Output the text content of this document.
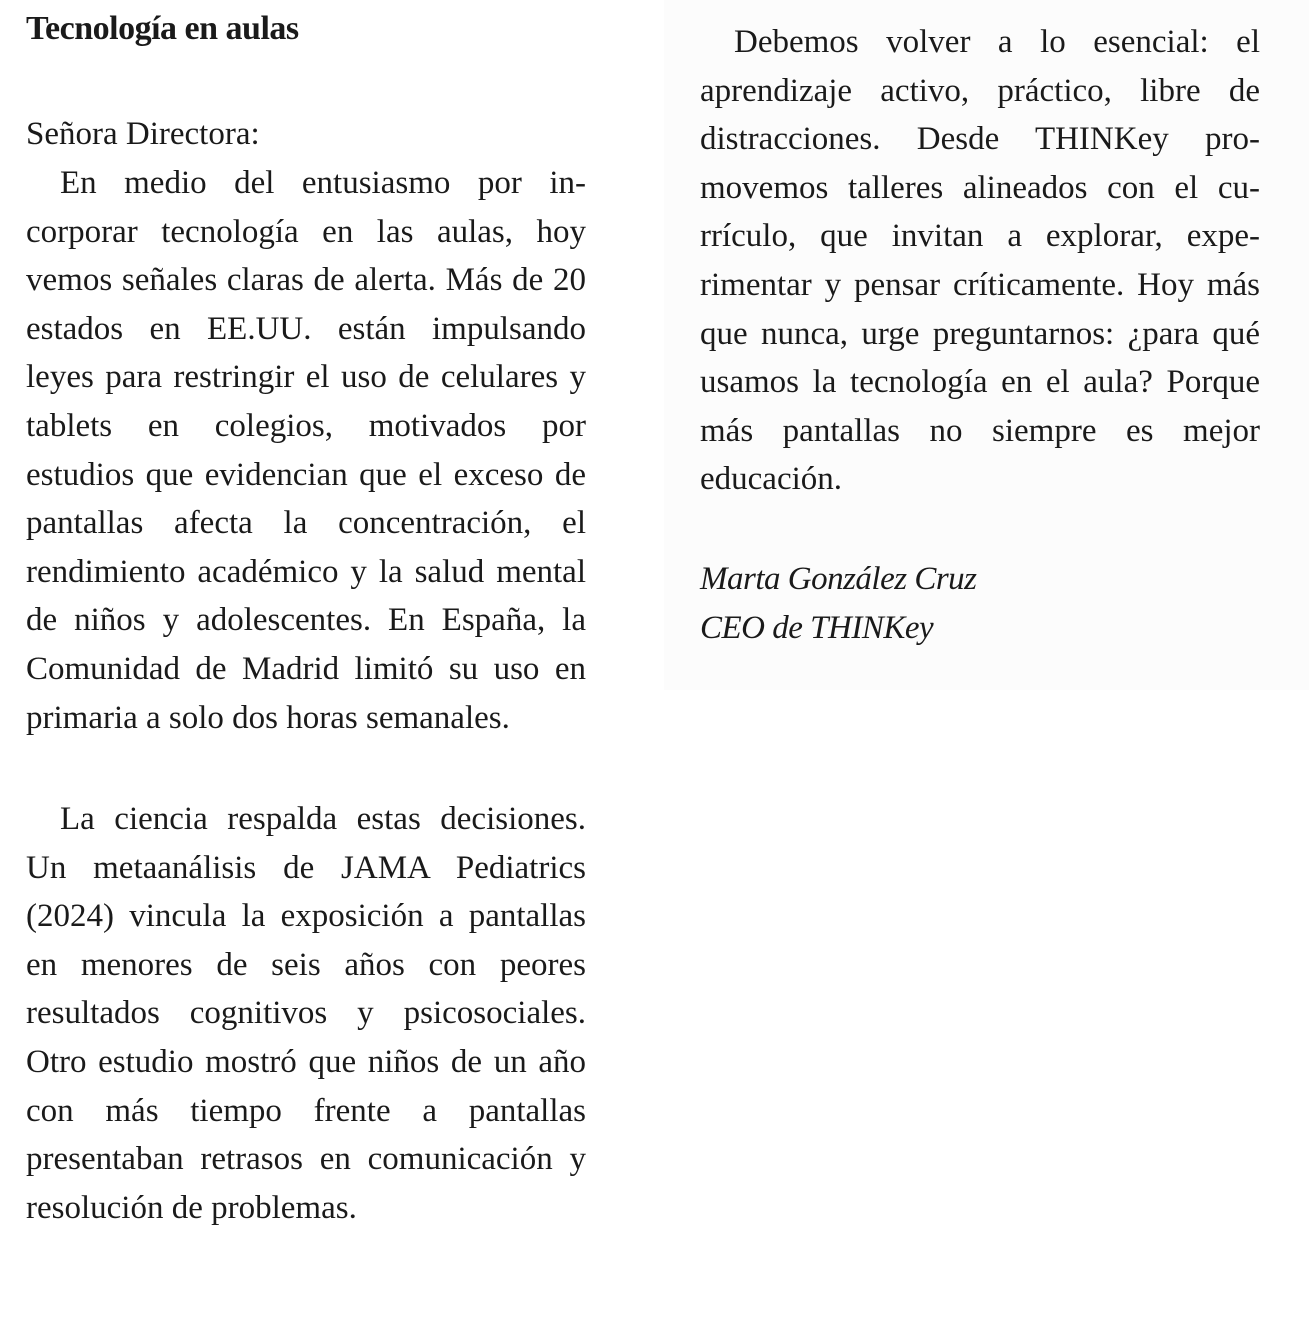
Tecnología en aulas

Señora Directora:

En medio del entusiasmo por incorporar tecnología en las aulas, hoy vemos señales claras de alerta. Más de 20 estados en EE.UU. están impulsando leyes para restringir el uso de celulares y tablets en colegios, motivados por estudios que evidencian que el exceso de pantallas afecta la concentración, el rendimiento académico y la salud mental de niños y adolescentes. En España, la Comunidad de Madrid limitó su uso en primaria a solo dos horas semanales.

La ciencia respalda estas decisiones. Un metaanálisis de JAMA Pediatrics (2024) vincula la exposición a pantallas en menores de seis años con peores resultados cognitivos y psicosociales. Otro estudio mostró que niños de un año con más tiempo frente a pantallas presentaban retrasos en comunicación y resolución de problemas.

Debemos volver a lo esencial: el aprendizaje activo, práctico, libre de distracciones. Desde THINKey promovemos talleres alineados con el currículo, que invitan a explorar, experimentar y pensar críticamente. Hoy más que nunca, urge preguntarnos: ¿para qué usamos la tecnología en el aula? Porque más pantallas no siempre es mejor educación.

Marta González Cruz

CEO de THINKey
